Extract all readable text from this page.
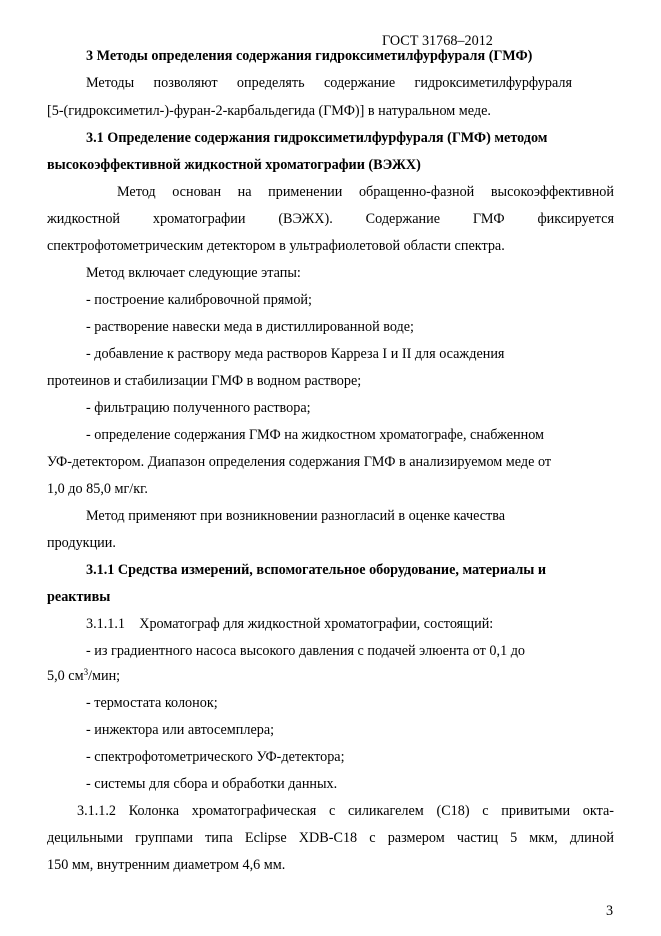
ГОСТ 31768–2012

3 Методы определения содержания гидроксиметилфурфураля (ГМФ)

Методы позволяют определять содержание гидроксиметилфурфураля

[5-(гидроксиметил-)-фуран-2-карбальдегида (ГМФ)] в натуральном меде.

3.1 Определение содержания гидроксиметилфурфураля (ГМФ) методом

высокоэффективной жидкостной хроматографии (ВЭЖХ)

Метод основан на применении обращенно-фазной высокоэффективной

жидкостной хроматографии (ВЭЖХ). Содержание ГМФ фиксируется

спектрофотометрическим детектором в ультрафиолетовой области спектра.

Метод включает следующие этапы:

- построение калибровочной прямой;

- растворение навески меда в дистиллированной воде;

- добавление к раствору меда растворов Карреза I и II для осаждения

протеинов и стабилизации ГМФ в водном растворе;

- фильтрацию полученного раствора;

- определение содержания ГМФ на жидкостном хроматографе, снабженном

УФ-детектором. Диапазон определения содержания ГМФ в анализируемом меде от

1,0 до 85,0 мг/кг.

Метод применяют при возникновении разногласий в оценке качества

продукции.

3.1.1 Средства измерений, вспомогательное оборудование, материалы и

реактивы

3.1.1.1    Хроматограф для жидкостной хроматографии, состоящий:

- из градиентного насоса высокого давления с подачей элюента от 0,1 до

5,0 $см^3$/мин;

- термостата колонок;

- инжектора или автосемплера;

- спектрофотометрического УФ-детектора;

- системы для сбора и обработки данных.

3.1.1.2 Колонка хроматографическая с силикагелем (С18) с привитыми окта-

децильными группами типа Eclipse XDB-C18 с размером частиц 5 мкм, длиной

150 мм, внутренним диаметром 4,6 мм.

3
